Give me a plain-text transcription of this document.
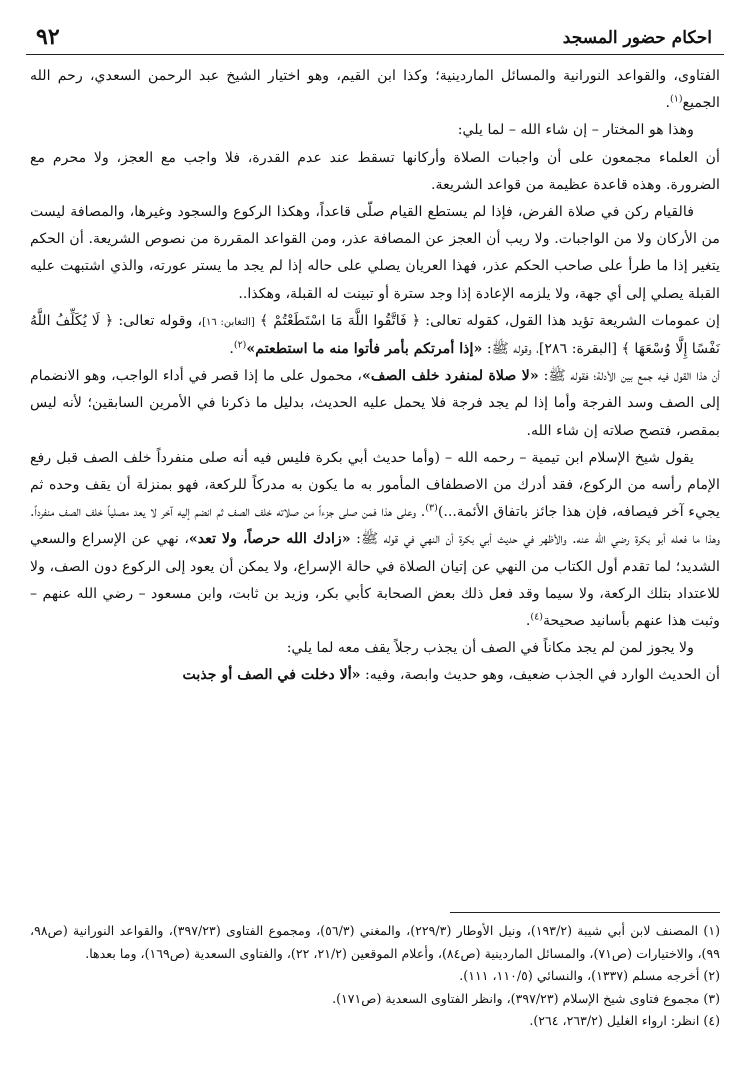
احكام حضور المسجد
٩٢

الفتاوى، والقواعد النورانية والمسائل الماردينية؛ وكذا ابن القيم، وهو اختيار الشيخ عبد الرحمن السعدي، رحم الله الجميع$^{(١)}$.

وهذا هو المختار – إن شاء الله – لما يلي:

أن العلماء مجمعون على أن واجبات الصلاة وأركانها تسقط عند عدم القدرة، فلا واجب مع العجز، ولا محرم مع الضرورة. وهذه قاعدة عظيمة من قواعد الشريعة.

فالقيام ركن في صلاة الفرض، فإذا لم يستطع القيام صلّى قاعداً، وهكذا الركوع والسجود وغيرها، والمصافة ليست من الأركان ولا من الواجبات. ولا ريب أن العجز عن المصافة عذر، ومن القواعد المقررة من نصوص الشريعة. أن الحكم يتغير إذا ما طرأ على صاحب الحكم عذر، فهذا العريان يصلي على حاله إذا لم يجد ما يستر عورته، والذي اشتبهت عليه القبلة يصلي إلى أي جهة، ولا يلزمه الإعادة إذا وجد سترة أو تبينت له القبلة، وهكذا..

إن عمومات الشريعة تؤيد هذا القول، كقوله تعالى: ﴿ فَاتَّقُوا اللَّهَ مَا اسْتَطَعْتُمْ ﴾ [التغابن: ١٦]، وقوله تعالى: ﴿ لَا يُكَلِّفُ اللَّهُ نَفْسًا إِلَّا وُسْعَهَا ﴾ [البقرة: ٢٨٦]، وقوله ﷺ: «إذا أمرتكم بأمر فأتوا منه ما استطعتم»$^{(٢)}$.

أن هذا القول فيه جمع بين الأدلة؛ فقوله ﷺ: «لا صلاة لمنفرد خلف الصف»، محمول على ما إذا قصر في أداء الواجب، وهو الانضمام إلى الصف وسد الفرجة وأما إذا لم يجد فرجة فلا يحمل عليه الحديث، بدليل ما ذكرنا في الأمرين السابقين؛ لأنه ليس بمقصر، فتصح صلاته إن شاء الله.

يقول شيخ الإسلام ابن تيمية – رحمه الله – (وأما حديث أبي بكرة فليس فيه أنه صلى منفرداً خلف الصف قبل رفع الإمام رأسه من الركوع، فقد أدرك من الاصطفاف المأمور به ما يكون به مدركاً للركعة، فهو بمنزلة أن يقف وحده ثم يجيء آخر فيصافه، فإن هذا جائز باتفاق الأئمة...)$^{(٣)}$. وعلى هذا فمن صلى جزءاً من صلاته خلف الصف ثم انضم إليه آخر لا يعد مصلياً خلف الصف منفرداً. وهذا ما فعله أبو بكرة رضي الله عنه. والأظهر في حديث أبي بكرة أن النهي في قوله ﷺ: «زادك الله حرصاً، ولا تعد»، نهي عن الإسراع والسعي الشديد؛ لما تقدم أول الكتاب من النهي عن إتيان الصلاة في حالة الإسراع، ولا يمكن أن يعود إلى الركوع دون الصف، ولا للاعتداد بتلك الركعة، ولا سيما وقد فعل ذلك بعض الصحابة كأبي بكر، وزيد بن ثابت، وابن مسعود – رضي الله عنهم – وثبت هذا عنهم بأسانيد صحيحة$^{(٤)}$.

ولا يجوز لمن لم يجد مكاناً في الصف أن يجذب رجلاً يقف معه لما يلي:

أن الحديث الوارد في الجذب ضعيف، وهو حديث وابصة، وفيه: «ألا دخلت في الصف أو جذبت

(١) المصنف لابن أبي شيبة (١٩٣/٢)، ونيل الأوطار (٢٢٩/٣)، والمغني (٥٦/٣)، ومجموع الفتاوى (٣٩٧/٢٣)، والقواعد النورانية (ص٩٨، ٩٩)، والاختيارات (ص٧١)، والمسائل الماردينية (ص٨٤)، وأعلام الموقعين (٢١/٢، ٢٢)، والفتاوى السعدية (ص١٦٩)، وما بعدها.

(٢) أخرجه مسلم (١٣٣٧)، والنسائي (١١٠/٥، ١١١).

(٣) مجموع فتاوى شيخ الإسلام (٣٩٧/٢٣)، وانظر الفتاوى السعدية (ص١٧١).

(٤) انظر: ارواء الغليل (٢٦٣/٢، ٢٦٤).
